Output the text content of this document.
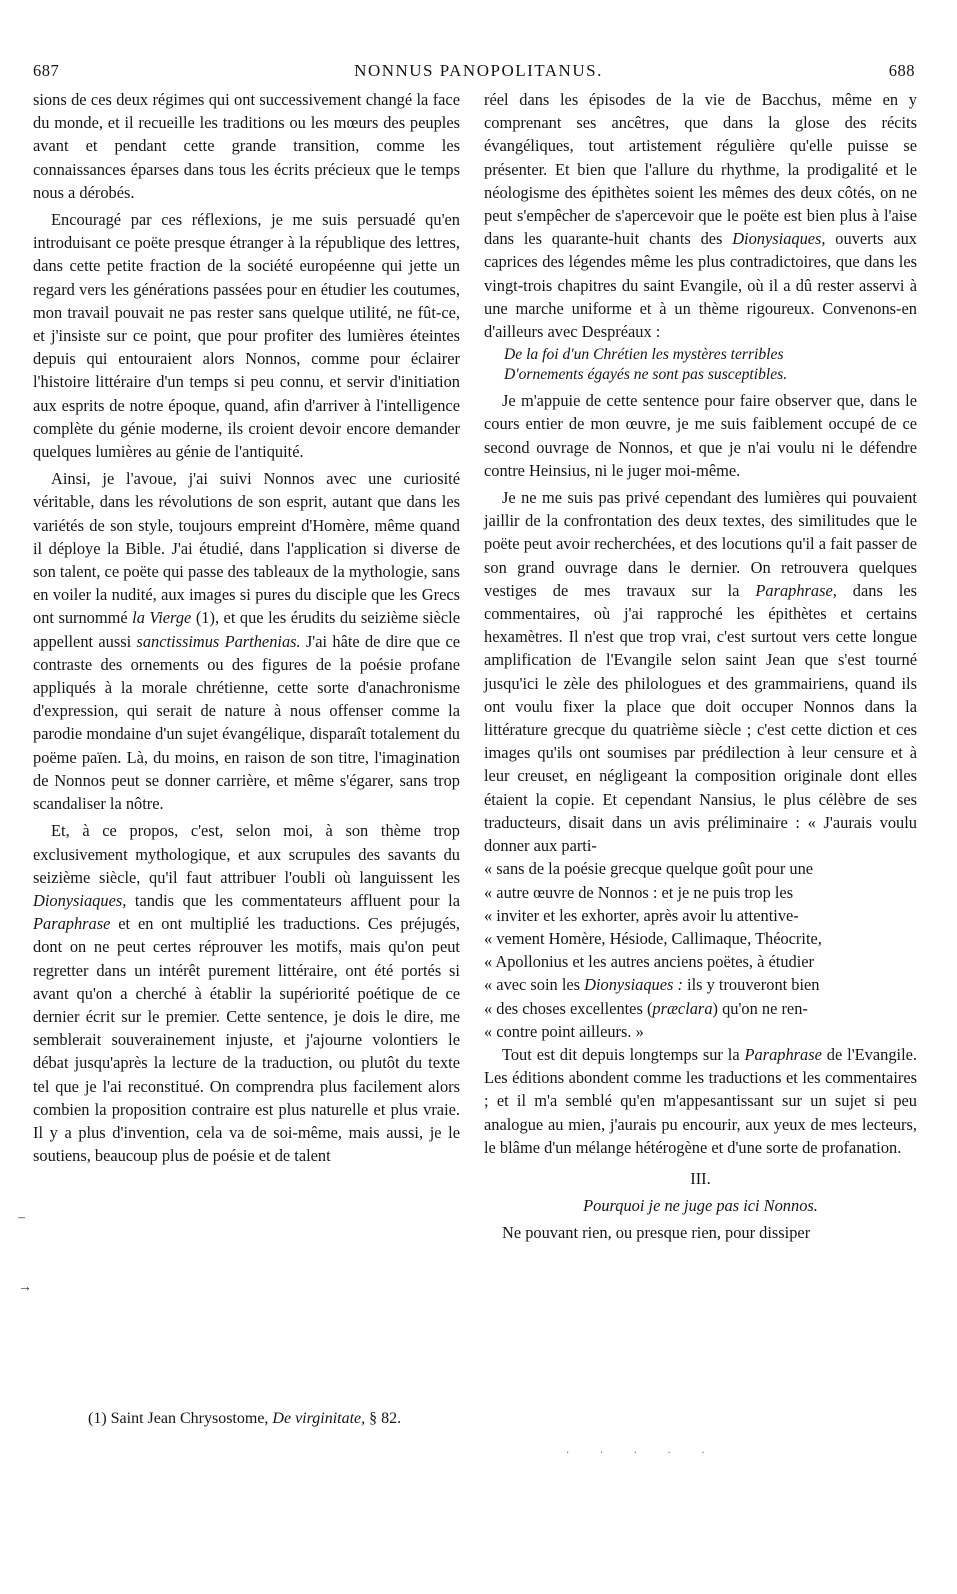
NONNUS PANOPOLITANUS.
687	688

sions de ces deux régimes qui ont successivement changé la face du monde, et il recueille les traditions ou les mœurs des peuples avant et pendant cette grande transition, comme les connaissances éparses dans tous les écrits précieux que le temps nous a dérobés.

Encouragé par ces réflexions, je me suis persuadé qu'en introduisant ce poëte presque étranger à la république des lettres, dans cette petite fraction de la société européenne qui jette un regard vers les générations passées pour en étudier les coutumes, mon travail pouvait ne pas rester sans quelque utilité, ne fût-ce, et j'insiste sur ce point, que pour profiter des lumières éteintes depuis qui entouraient alors Nonnos, comme pour éclairer l'histoire littéraire d'un temps si peu connu, et servir d'initiation aux esprits de notre époque, quand, afin d'arriver à l'intelligence complète du génie moderne, ils croient devoir encore demander quelques lumières au génie de l'antiquité.

Ainsi, je l'avoue, j'ai suivi Nonnos avec une curiosité véritable, dans les révolutions de son esprit, autant que dans les variétés de son style, toujours empreint d'Homère, même quand il déploye la Bible. J'ai étudié, dans l'application si diverse de son talent, ce poëte qui passe des tableaux de la mythologie, sans en voiler la nudité, aux images si pures du disciple que les Grecs ont surnommé la Vierge (1), et que les érudits du seizième siècle appellent aussi sanctissimus Parthenias. J'ai hâte de dire que ce contraste des ornements ou des figures de la poésie profane appliqués à la morale chrétienne, cette sorte d'anachronisme d'expression, qui serait de nature à nous offenser comme la parodie mondaine d'un sujet évangélique, disparaît totalement du poëme païen. Là, du moins, en raison de son titre, l'imagination de Nonnos peut se donner carrière, et même s'égarer, sans trop scandaliser la nôtre.

Et, à ce propos, c'est, selon moi, à son thème trop exclusivement mythologique, et aux scrupules des savants du seizième siècle, qu'il faut attribuer l'oubli où languissent les Dionysiaques, tandis que les commentateurs affluent pour la Paraphrase et en ont multiplié les traductions. Ces préjugés, dont on ne peut certes réprouver les motifs, mais qu'on peut regretter dans un intérêt purement littéraire, ont été portés si avant qu'on a cherché à établir la supériorité poétique de ce dernier écrit sur le premier. Cette sentence, je dois le dire, me semblerait souverainement injuste, et j'ajourne volontiers le débat jusqu'après la lecture de la traduction, ou plutôt du texte tel que je l'ai reconstitué. On comprendra plus facilement alors combien la proposition contraire est plus naturelle et plus vraie. Il y a plus d'invention, cela va de soi-même, mais aussi, je le soutiens, beaucoup plus de poésie et de talent

réel dans les épisodes de la vie de Bacchus, même en y comprenant ses ancêtres, que dans la glose des récits évangéliques, tout artistement régulière qu'elle puisse se présenter. Et bien que l'allure du rhythme, la prodigalité et le néologisme des épithètes soient les mêmes des deux côtés, on ne peut s'empêcher de s'apercevoir que le poëte est bien plus à l'aise dans les quarante-huit chants des Dionysiaques, ouverts aux caprices des légendes même les plus contradictoires, que dans les vingt-trois chapitres du saint Evangile, où il a dû rester asservi à une marche uniforme et à un thème rigoureux. Convenons-en d'ailleurs avec Despréaux :

De la foi d'un Chrétien les mystères terribles
D'ornements égayés ne sont pas susceptibles.

Je m'appuie de cette sentence pour faire observer que, dans le cours entier de mon œuvre, je me suis faiblement occupé de ce second ouvrage de Nonnos, et que je n'ai voulu ni le défendre contre Heinsius, ni le juger moi-même.

Je ne me suis pas privé cependant des lumières qui pouvaient jaillir de la confrontation des deux textes, des similitudes que le poëte peut avoir recherchées, et des locutions qu'il a fait passer de son grand ouvrage dans le dernier. On retrouvera quelques vestiges de mes travaux sur la Paraphrase, dans les commentaires, où j'ai rapproché les épithètes et certains hexamètres. Il n'est que trop vrai, c'est surtout vers cette longue amplification de l'Evangile selon saint Jean que s'est tourné jusqu'ici le zèle des philologues et des grammairiens, quand ils ont voulu fixer la place que doit occuper Nonnos dans la littérature grecque du quatrième siècle ; c'est cette diction et ces images qu'ils ont soumises par prédilection à leur censure et à leur creuset, en négligeant la composition originale dont elles étaient la copie. Et cependant Nansius, le plus célèbre de ses traducteurs, disait dans un avis préliminaire : « J'aurais voulu donner aux parti-

« sans de la poésie grecque quelque goût pour une
« autre œuvre de Nonnos : et je ne puis trop les
« inviter et les exhorter, après avoir lu attentive-
« vement Homère, Hésiode, Callimaque, Théocrite,
« Apollonius et les autres anciens poëtes, à étudier
« avec soin les Dionysiaques : ils y trouveront bien
« des choses excellentes (præclara) qu'on ne ren-
« contre point ailleurs. »

Tout est dit depuis longtemps sur la Paraphrase de l'Evangile. Les éditions abondent comme les traductions et les commentaires ; et il m'a semblé qu'en m'appesantissant sur un sujet si peu analogue au mien, j'aurais pu encourir, aux yeux de mes lecteurs, le blâme d'un mélange hétérogène et d'une sorte de profanation.

III.

Pourquoi je ne juge pas ici Nonnos.

Ne pouvant rien, ou presque rien, pour dissiper

(1) Saint Jean Chrysostome, De virginitate, § 82.
–
→
· · · · ·
